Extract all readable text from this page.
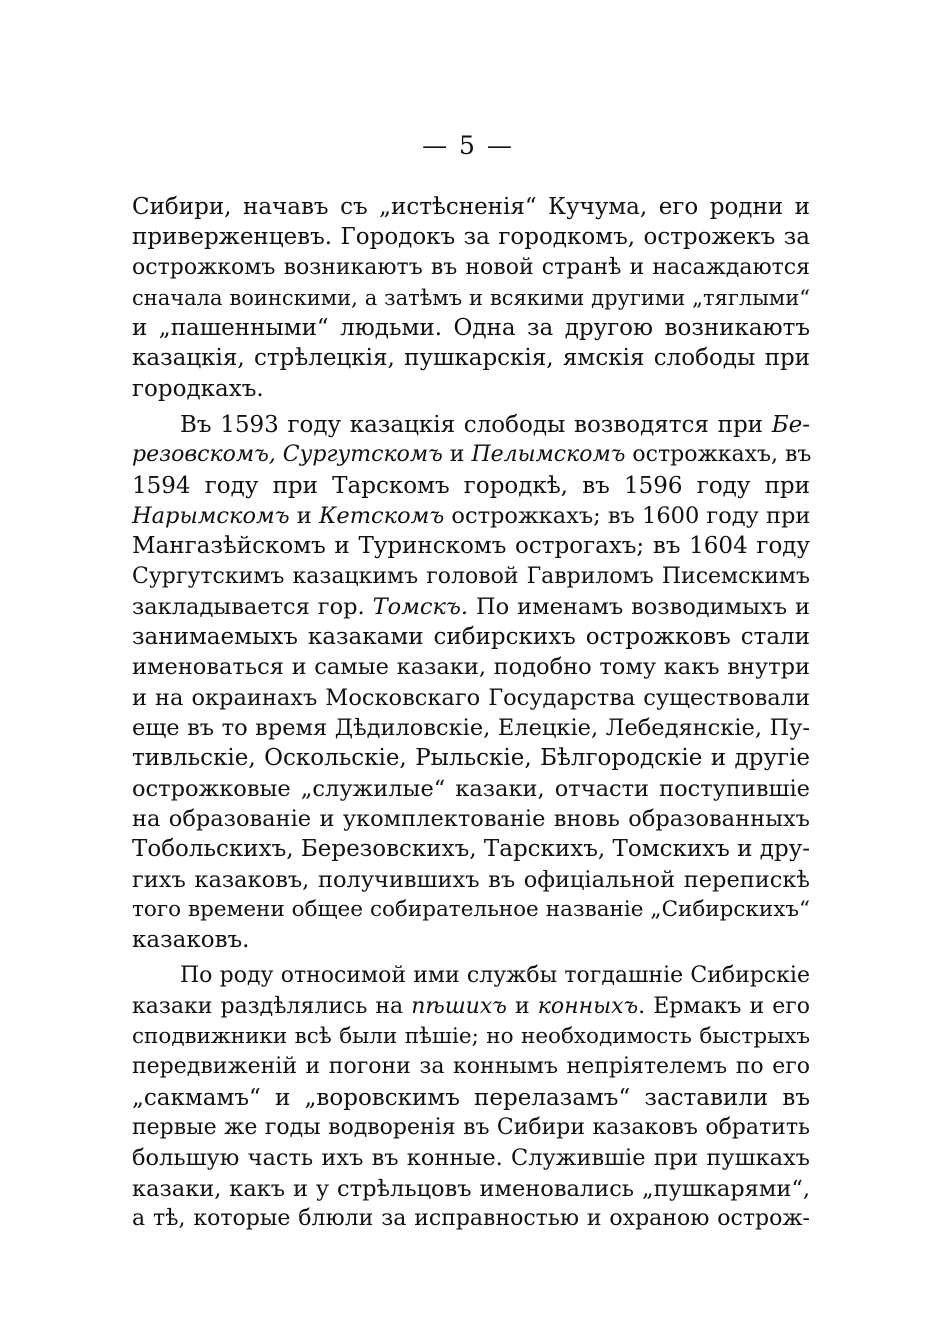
— 5 —
Сибири, начавъ съ „истѣсненія“ Кучума, его родни и
приверженцевъ. Городокъ за городкомъ, острожекъ за
острожкомъ возникаютъ въ новой странѣ и насаждаются
сначала воинскими, а затѣмъ и всякими другими „тяглыми“
и „пашенными“ людьми. Одна за другою возникаютъ
казацкія, стрѣлецкія, пушкарскія, ямскія слободы при
городкахъ.
Въ 1593 году казацкія слободы возводятся при Бе-
резовскомъ, Сургутскомъ и Пелымскомъ острожкахъ, въ
1594 году при Тарскомъ городкѣ, въ 1596 году при
Нарымскомъ и Кетскомъ острожкахъ; въ 1600 году при
Мангазѣйскомъ и Туринскомъ острогахъ; въ 1604 году
Сургутскимъ казацкимъ головой Гавриломъ Писемскимъ
закладывается гор. Томскъ. По именамъ возводимыхъ и
занимаемыхъ казаками сибирскихъ острожковъ стали
именоваться и самые казаки, подобно тому какъ внутри
и на окраинахъ Московскаго Государства существовали
еще въ то время Дѣдиловскіе, Елецкіе, Лебедянскіе, Пу-
тивльскіе, Оскольскіе, Рыльскіе, Бѣлгородскіе и другіе
острожковые „служилые“ казаки, отчасти поступившіе
на образованіе и укомплектованіе вновь образованныхъ
Тобольскихъ, Березовскихъ, Тарскихъ, Томскихъ и дру-
гихъ казаковъ, получившихъ въ офиціальной перепискѣ
того времени общее собирательное названіе „Сибирскихъ“
казаковъ.
По роду относимой ими службы тогдашніе Сибирскіе
казаки раздѣлялись на пѣшихъ и конныхъ. Ермакъ и его
сподвижники всѣ были пѣшіе; но необходимость быстрыхъ
передвиженій и погони за коннымъ непріятелемъ по его
„сакмамъ“ и „воровскимъ перелазамъ“ заставили въ
первые же годы водворенія въ Сибири казаковъ обратить
большую часть ихъ въ конные. Служившіе при пушкахъ
казаки, какъ и у стрѣльцовъ именовались „пушкарями“,
а тѣ, которые блюли за исправностью и охраною острож-
